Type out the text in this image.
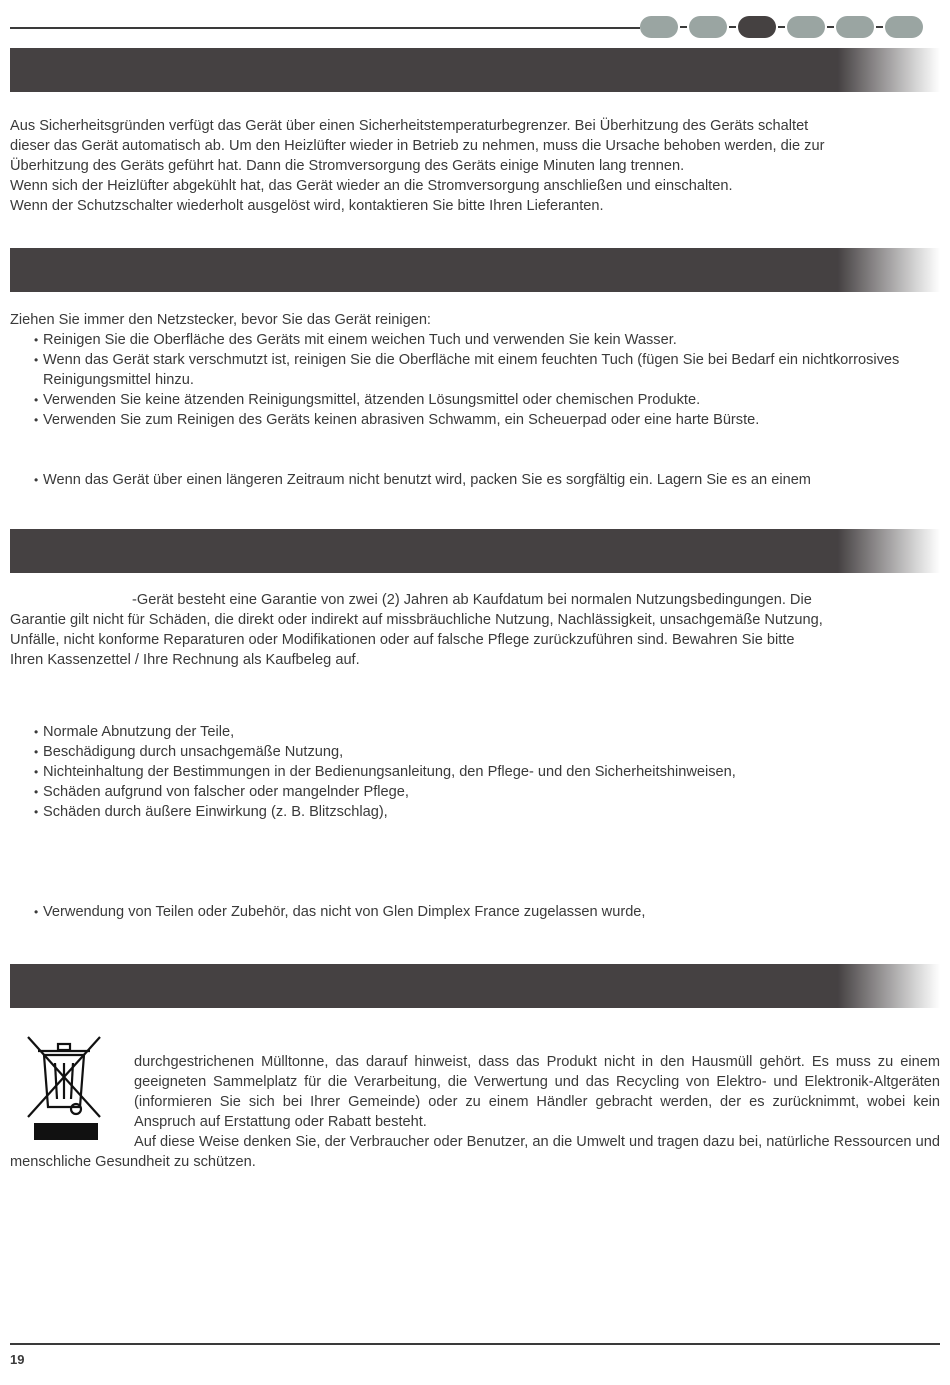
Aus Sicherheitsgründen verfügt das Gerät über einen Sicherheitstemperaturbegrenzer. Bei Überhitzung des Geräts schaltet

dieser das Gerät automatisch ab. Um den Heizlüfter wieder in Betrieb zu nehmen, muss die Ursache behoben werden, die zur

Überhitzung des Geräts geführt hat. Dann die Stromversorgung des Geräts einige Minuten lang trennen.

Wenn sich der Heizlüfter abgekühlt hat, das Gerät wieder an die Stromversorgung anschließen und einschalten.

Wenn der Schutzschalter wiederholt ausgelöst wird, kontaktieren Sie bitte Ihren Lieferanten.

Ziehen Sie immer den Netzstecker, bevor Sie das Gerät reinigen:

• Reinigen Sie die Oberfläche des Geräts mit einem weichen Tuch und verwenden Sie kein Wasser.
• Wenn das Gerät stark verschmutzt ist, reinigen Sie die Oberfläche mit einem feuchten Tuch (fügen Sie bei Bedarf ein nichtkorrosives Reinigungsmittel hinzu.
• Verwenden Sie keine ätzenden Reinigungsmittel, ätzenden Lösungsmittel oder chemischen Produkte.
• Verwenden Sie zum Reinigen des Geräts keinen abrasiven Schwamm, ein Scheuerpad oder eine harte Bürste.
• Wenn das Gerät über einen längeren Zeitraum nicht benutzt wird, packen Sie es sorgfältig ein. Lagern Sie es an einem

-Gerät besteht eine Garantie von zwei (2) Jahren ab Kaufdatum bei normalen Nutzungsbedingungen. Die

Garantie gilt nicht für Schäden, die direkt oder indirekt auf missbräuchliche Nutzung, Nachlässigkeit, unsachgemäße Nutzung,

Unfälle, nicht konforme Reparaturen oder Modifikationen oder auf falsche Pflege zurückzuführen sind. Bewahren Sie bitte

Ihren Kassenzettel / Ihre Rechnung als Kaufbeleg auf.

• Normale Abnutzung der Teile,
• Beschädigung durch unsachgemäße Nutzung,
• Nichteinhaltung der Bestimmungen in der Bedienungsanleitung, den Pflege- und den Sicherheitshinweisen,
• Schäden aufgrund von falscher oder mangelnder Pflege,
• Schäden durch äußere Einwirkung (z. B. Blitzschlag),
• Verwendung von Teilen oder Zubehör, das nicht von Glen Dimplex France zugelassen wurde,

durchgestrichenen Mülltonne, das darauf hinweist, dass das Produkt nicht in den Hausmüll gehört. Es muss zu einem geeigneten Sammelplatz für die Verarbeitung, die Verwertung und das Recycling von Elektro- und Elektronik-Altgeräten (informieren Sie sich bei Ihrer Gemeinde) oder zu einem Händler gebracht werden, der es zurücknimmt, wobei kein Anspruch auf Erstattung oder Rabatt besteht.

Auf diese Weise denken Sie, der Verbraucher oder Benutzer, an die Umwelt und tragen dazu bei, natürliche Ressourcen und menschliche Gesundheit zu schützen.

19
